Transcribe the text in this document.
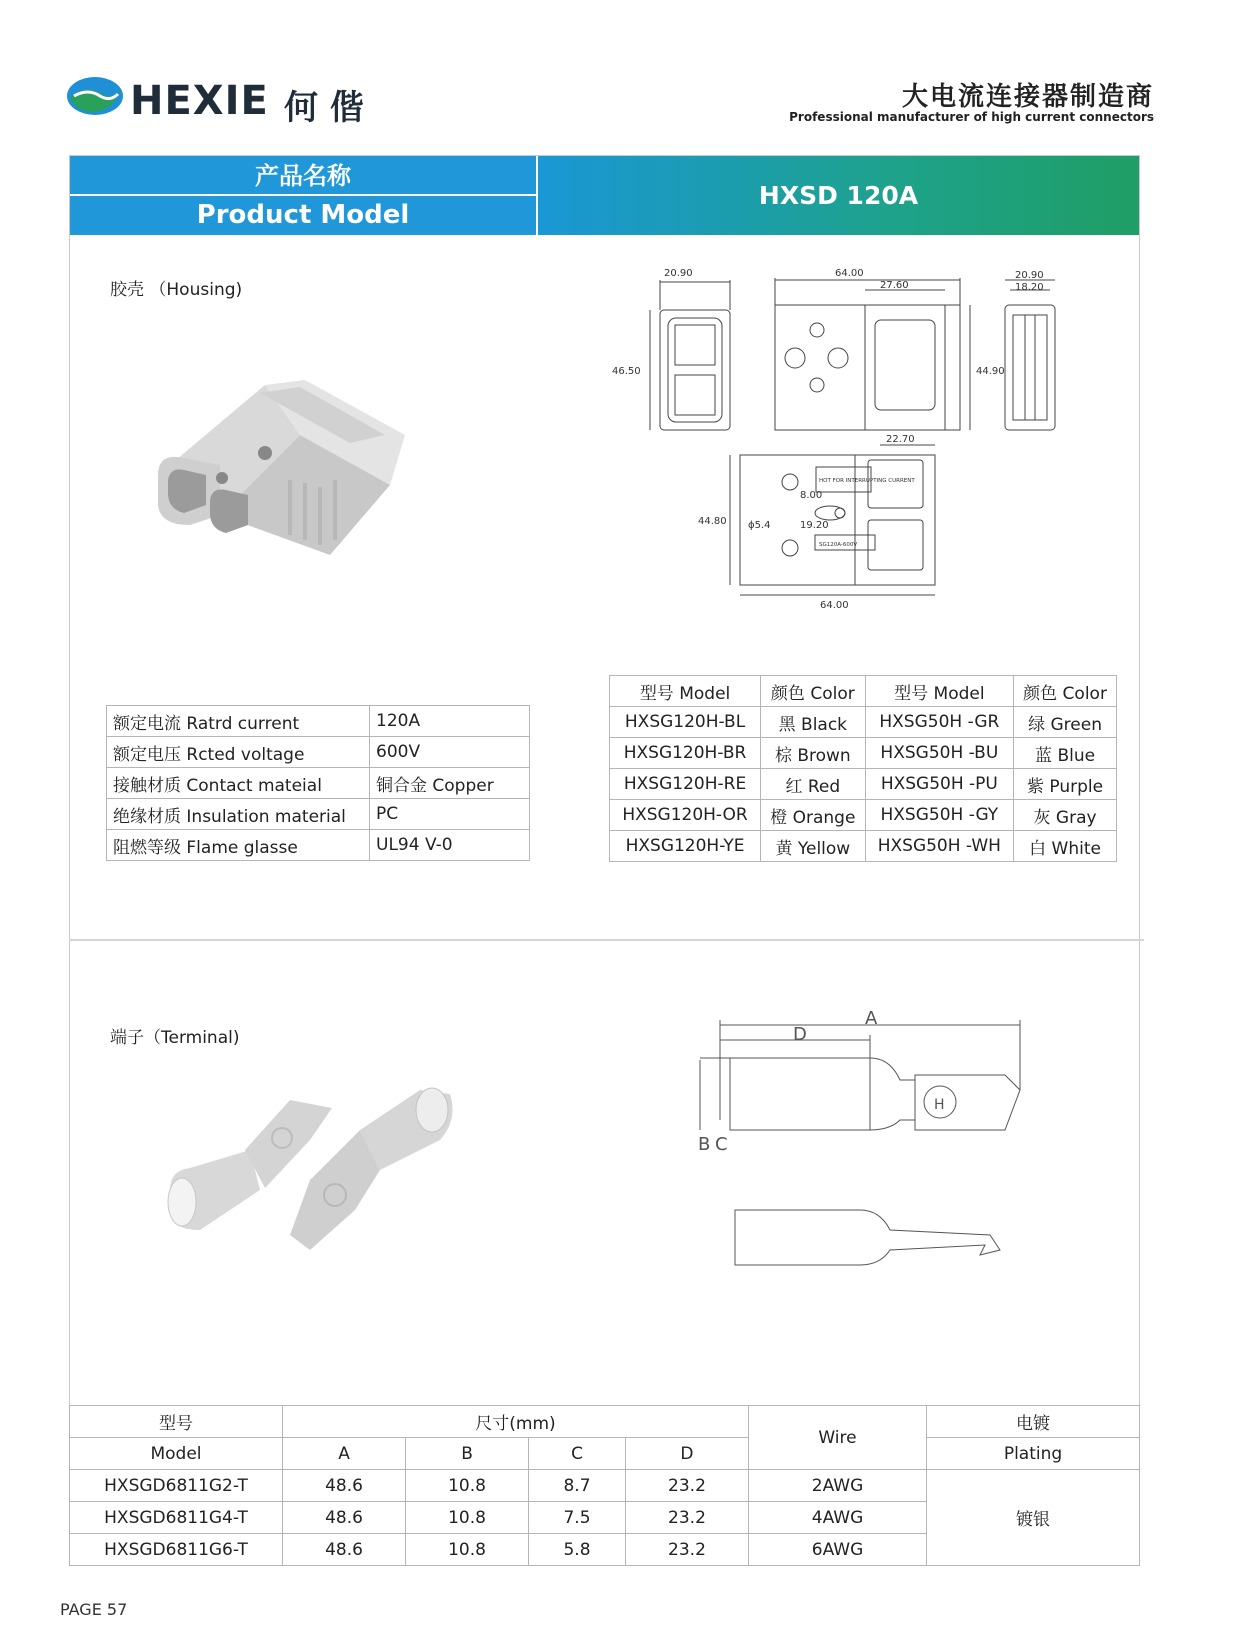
HEXIE 何 偕	大电流连接器制造商
Professional manufacturer of high current connectors
产品名称
Product Model
HXSD 120A
胶壳 （Housing)
20.90
46.50
64.00
27.60
44.90
20.90
18.20
22.70
44.80
64.00
8.00
19.20
ɸ5.4
HOT FOR INTERRUPTING CURRENT
SG120A-600V
额定电流 Ratrd current	120A
额定电压 Rcted voltage	600V
接触材质 Contact mateial	铜合金 Copper
绝缘材质 Insulation material	PC
阻燃等级 Flame glasse	UL94 V-0
型号 Model	颜色 Color	型号 Model	颜色 Color
HXSG120H-BL	黑 Black	HXSG50H -GR	绿 Green
HXSG120H-BR	棕 Brown	HXSG50H -BU	蓝 Blue
HXSG120H-RE	红 Red	HXSG50H -PU	紫 Purple
HXSG120H-OR	橙 Orange	HXSG50H -GY	灰 Gray
HXSG120H-YE	黄 Yellow	HXSG50H -WH	白 White
端子（Terminal)
A
D
B C
H
型号	尺寸(mm)				Wire	电镀
Model	A	B	C	D		Plating
HXSGD6811G2-T	48.6	10.8	8.7	23.2	2AWG	镀银
HXSGD6811G4-T	48.6	10.8	7.5	23.2	4AWG	
HXSGD6811G6-T	48.6	10.8	5.8	23.2	6AWG	
PAGE 57
